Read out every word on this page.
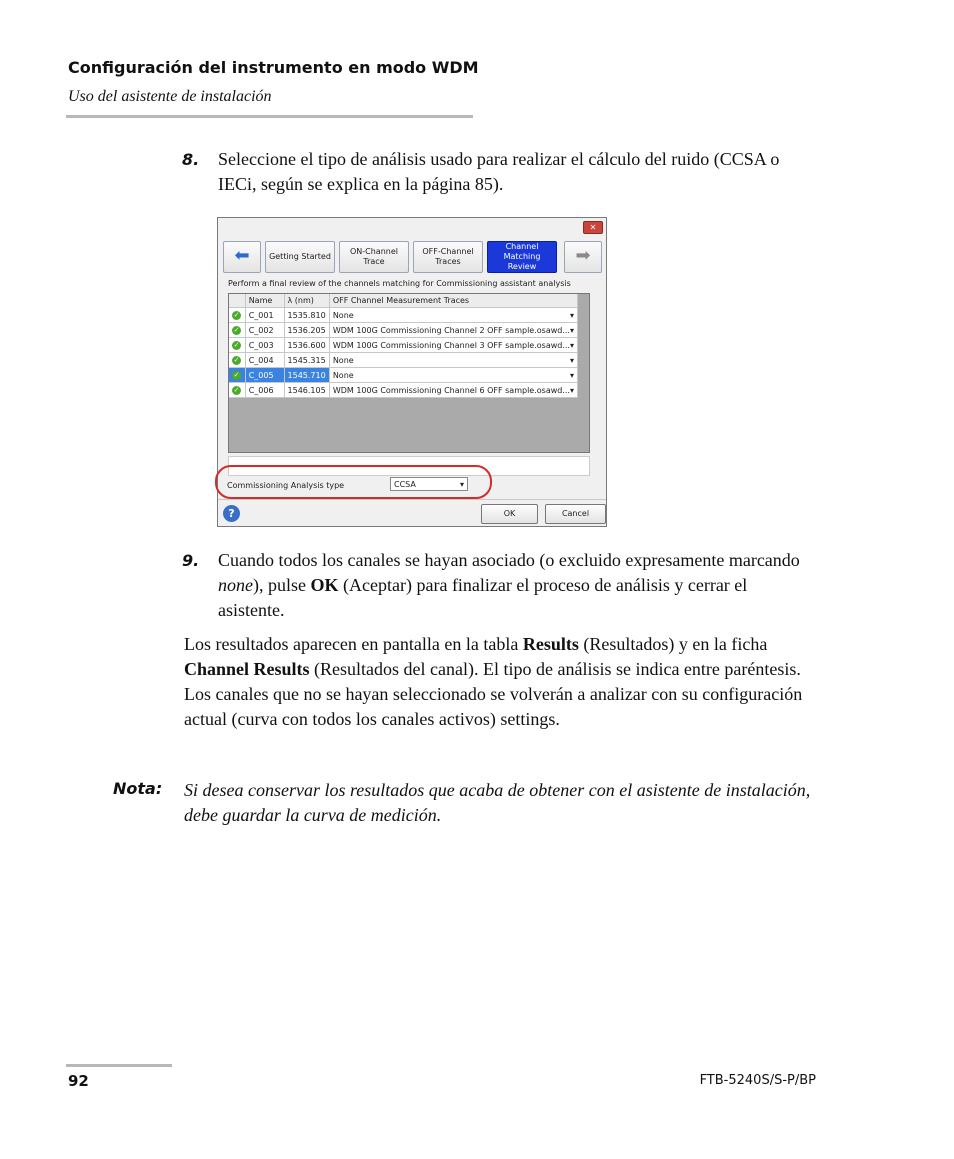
Configuración del instrumento en modo WDM
Uso del asistente de instalación
8. Seleccione el tipo de análisis usado para realizar el cálculo del ruido (CCSA o IECi, según se explica en la página 85).
✕
⬅	Getting Started
ON-Channel Trace
OFF-Channel Traces
Channel Matching Review
➡
Perform a final review of the channels matching for Commissioning assistant analysis
	Name	λ (nm)	OFF Channel Measurement Traces
✓	C_001	1535.810	None ▾

✓	C_002	1536.205	WDM 100G Commissioning Channel 2 OFF sample.osawd... ▾

✓	C_003	1536.600	WDM 100G Commissioning Channel 3 OFF sample.osawd... ▾

✓	C_004	1545.315	None ▾

✓	C_005	1545.710	None ▾

✓	C_006	1546.105	WDM 100G Commissioning Channel 6 OFF sample.osawd... ▾
Commissioning Analysis type	CCSA	▾
?	OK	Cancel
9. Cuando todos los canales se hayan asociado (o excluido expresamente marcando none), pulse OK (Aceptar) para finalizar el proceso de análisis y cerrar el asistente.
Los resultados aparecen en pantalla en la tabla Results (Resultados) y en la ficha Channel Results (Resultados del canal). El tipo de análisis se indica entre paréntesis. Los canales que no se hayan seleccionado se volverán a analizar con su configuración actual (curva con todos los canales activos) settings.
Nota: Si desea conservar los resultados que acaba de obtener con el asistente de instalación, debe guardar la curva de medición.
92	FTB-5240S/S-P/BP
